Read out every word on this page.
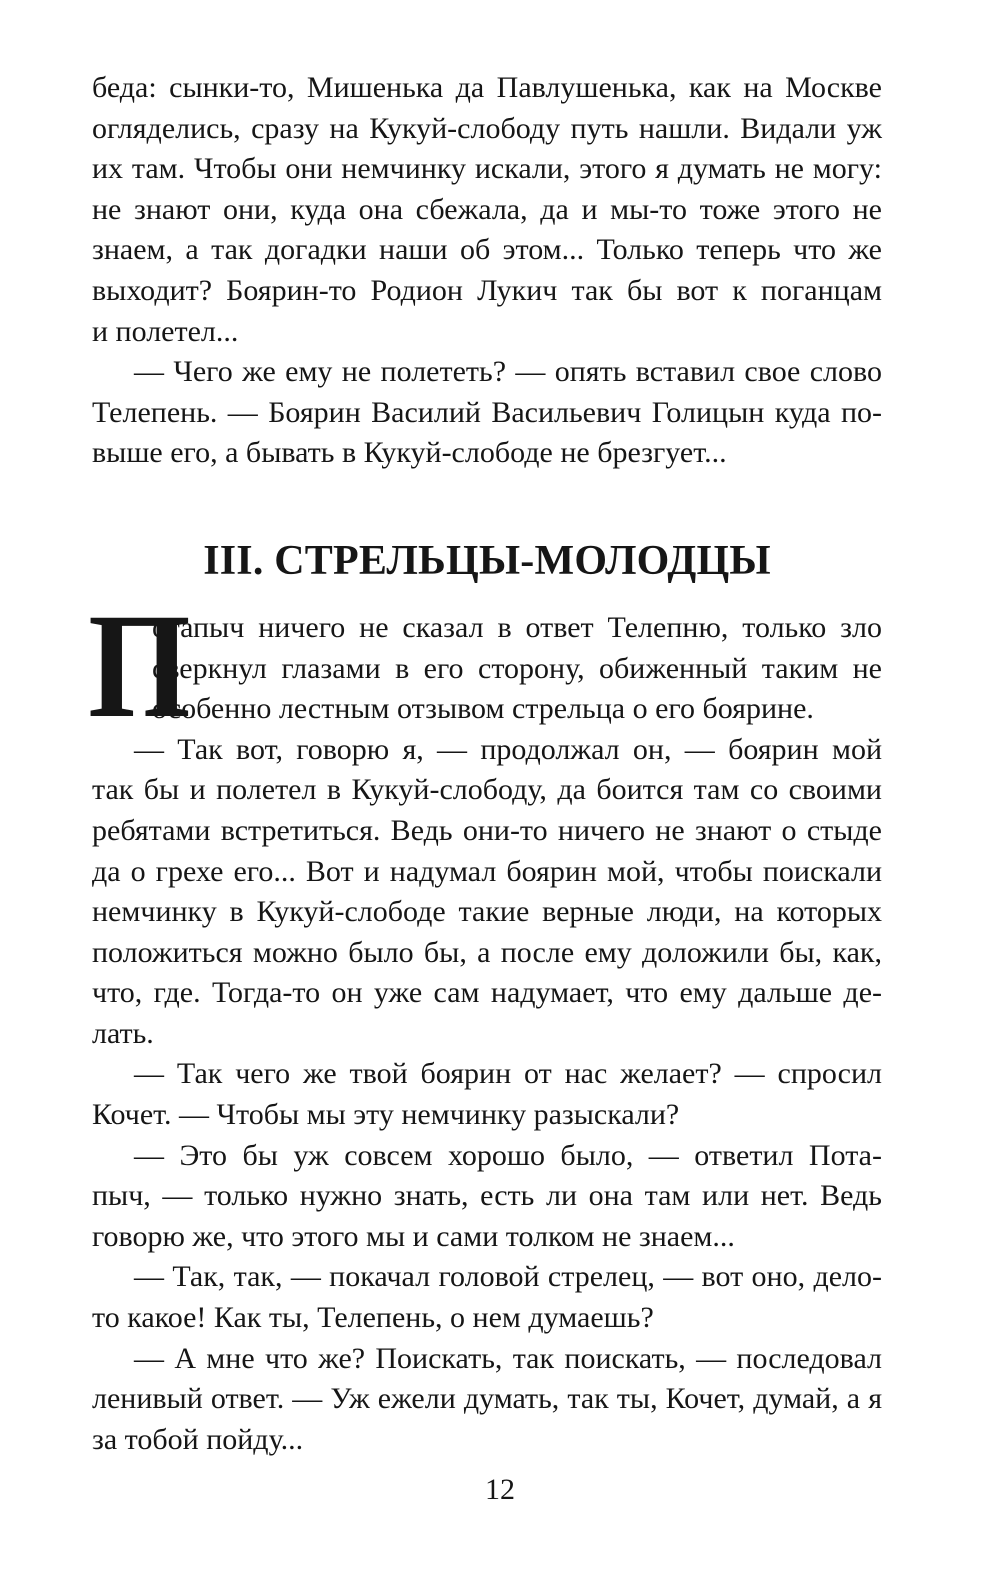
беда: сынки-то, Мишенька да Павлушенька, как на Москве
огляделись, сразу на Кукуй-слободу путь нашли. Видали уж
их там. Чтобы они немчинку искали, этого я думать не могу:
не знают они, куда она сбежала, да и мы-то тоже этого не
знаем, а так догадки наши об этом... Только теперь что же
выходит? Боярин-то Родион Лукич так бы вот к поганцам
и полетел...
— Чего же ему не полететь? — опять вставил свое слово
Телепень. — Боярин Василий Васильевич Голицын куда по-
выше его, а бывать в Кукуй-слободе не брезгует...
III. СТРЕЛЬЦЫ-МОЛОДЦЫ
П
отапыч ничего не сказал в ответ Телепню, только зло
сверкнул глазами в его сторону, обиженный таким не
особенно лестным отзывом стрельца о его боярине.
— Так вот, говорю я, — продолжал он, — боярин мой
так бы и полетел в Кукуй-слободу, да боится там со своими
ребятами встретиться. Ведь они-то ничего не знают о стыде
да о грехе его... Вот и надумал боярин мой, чтобы поискали
немчинку в Кукуй-слободе такие верные люди, на которых
положиться можно было бы, а после ему доложили бы, как,
что, где. Тогда-то он уже сам надумает, что ему дальше де-
лать.
— Так чего же твой боярин от нас желает? — спросил
Кочет. — Чтобы мы эту немчинку разыскали?
— Это бы уж совсем хорошо было, — ответил Пота-
пыч, — только нужно знать, есть ли она там или нет. Ведь
говорю же, что этого мы и сами толком не знаем...
— Так, так, — покачал головой стрелец, — вот оно, дело-
то какое! Как ты, Телепень, о нем думаешь?
— А мне что же? Поискать, так поискать, — последовал
ленивый ответ. — Уж ежели думать, так ты, Кочет, думай, а я
за тобой пойду...
12
